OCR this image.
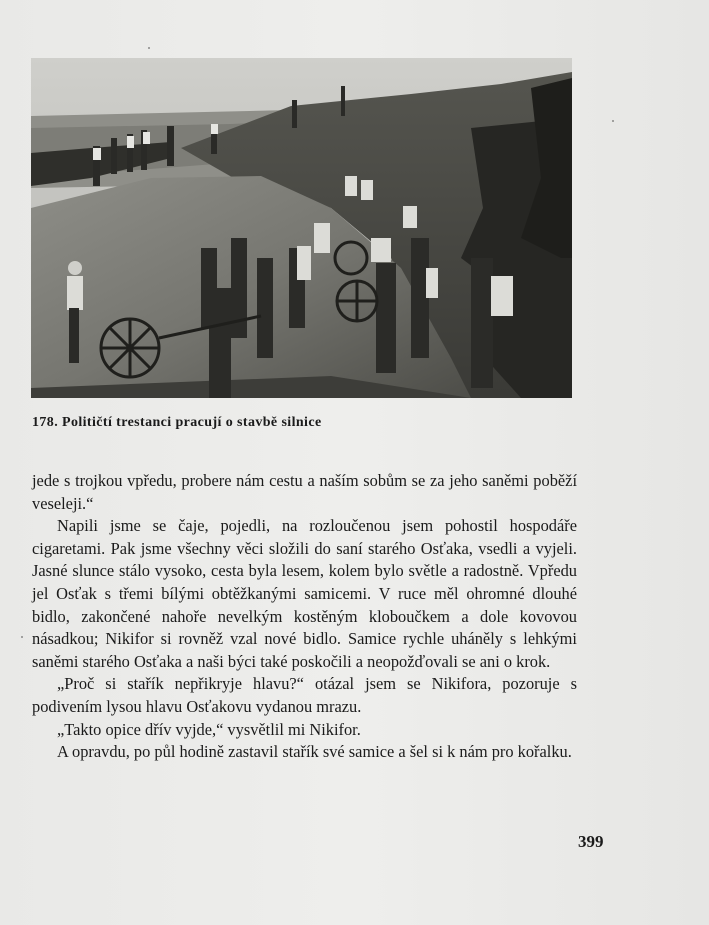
178. Političtí trestanci pracují o stavbě silnice

jede s trojkou vpředu, probere nám cestu a naším sobům se za jeho saněmi poběží veseleji.“

Napili jsme se čaje, pojedli, na rozloučenou jsem pohostil hospodáře cigaretami. Pak jsme všechny věci složili do saní starého Osťaka, vsedli a vyjeli. Jasné slunce stálo vysoko, cesta byla lesem, kolem bylo světle a radostně. Vpředu jel Osťak s třemi bílými obtěžkanými samicemi. V ruce měl ohromné dlouhé bidlo, zakončené nahoře nevelkým kostěným kloboučkem a dole kovovou násadkou; Nikifor si rovněž vzal nové bidlo. Samice rychle uháněly s lehkými saněmi starého Osťaka a naši býci také poskočili a neopožďovali se ani o krok.

„Proč si stařík nepřikryje hlavu?“ otázal jsem se Nikifora, pozoruje s podivením lysou hlavu Osťakovu vydanou mrazu.

„Takto opice dřív vyjde,“ vysvětlil mi Nikifor.

A opravdu, po půl hodině zastavil stařík své samice a šel si k nám pro kořalku.

399
